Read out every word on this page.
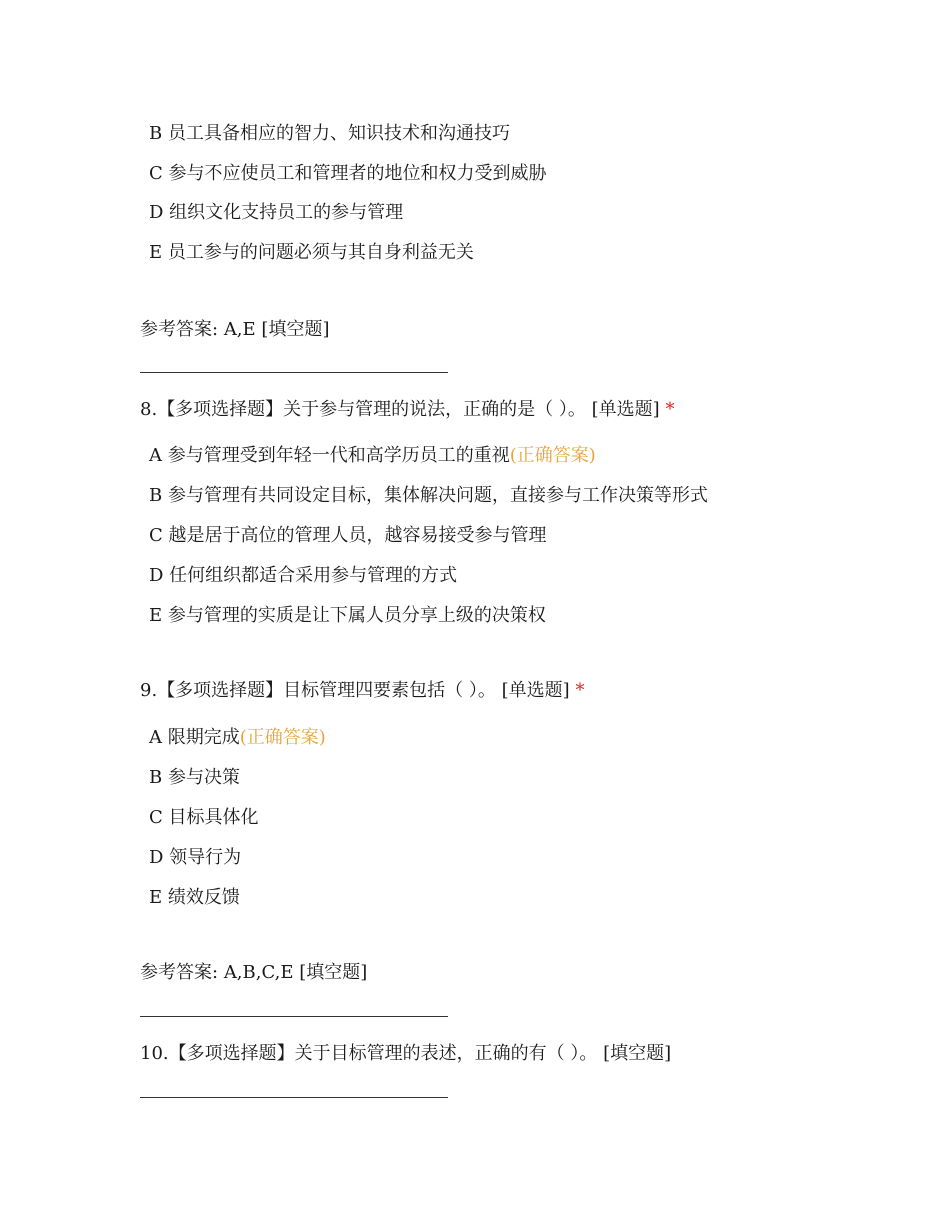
B 员工具备相应的智力、知识技术和沟通技巧
C 参与不应使员工和管理者的地位和权力受到威胁
D 组织文化支持员工的参与管理
E 员工参与的问题必须与其自身利益无关
参考答案: A,E [填空题]
8.【多项选择题】关于参与管理的说法，正确的是（ ）。 [单选题] *
A 参与管理受到年轻一代和高学历员工的重视(正确答案)
B 参与管理有共同设定目标，集体解决问题，直接参与工作决策等形式
C 越是居于高位的管理人员，越容易接受参与管理
D 任何组织都适合采用参与管理的方式
E 参与管理的实质是让下属人员分享上级的决策权
9.【多项选择题】目标管理四要素包括（ ）。 [单选题] *
A 限期完成(正确答案)
B 参与决策
C 目标具体化
D 领导行为
E 绩效反馈
参考答案: A,B,C,E [填空题]
10.【多项选择题】关于目标管理的表述，正确的有（ ）。 [填空题]
